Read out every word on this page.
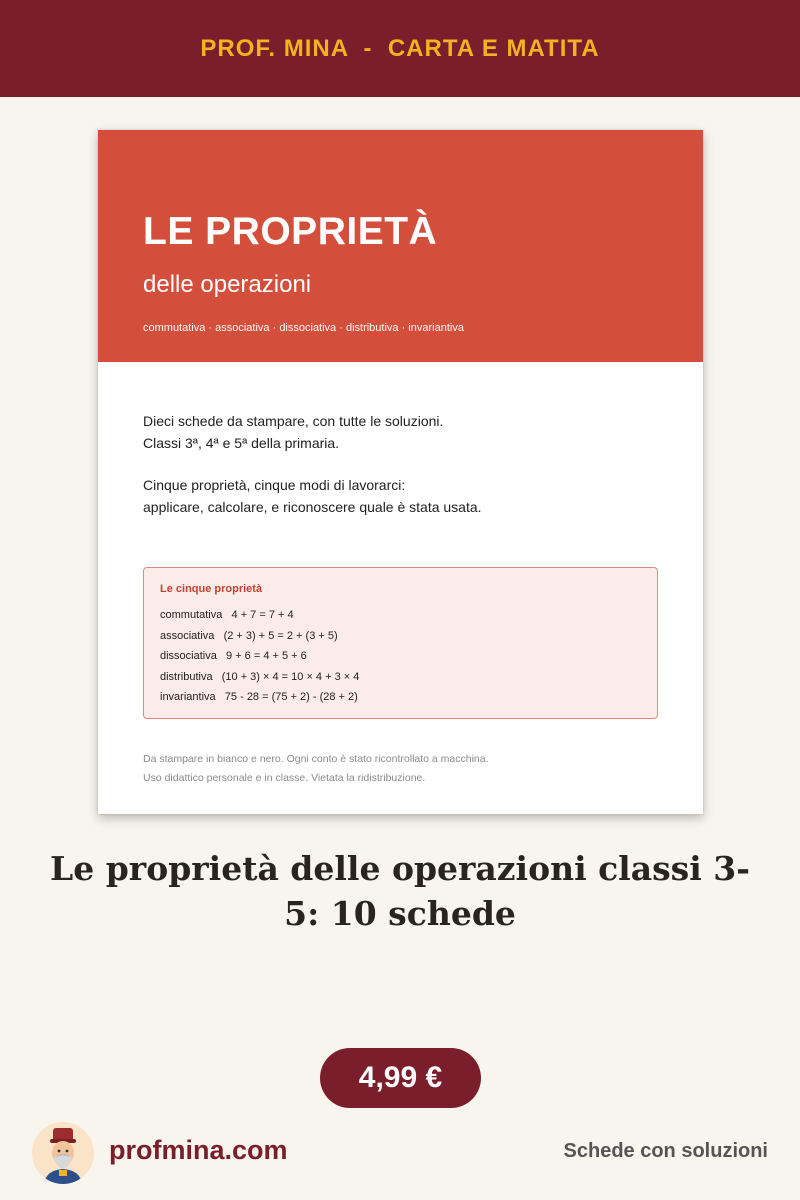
PROF. MINA  -  CARTA E MATITA
LE PROPRIETÀ
delle operazioni
commutativa · associativa · dissociativa · distributiva · invariantiva

Dieci schede da stampare, con tutte le soluzioni.

Classi 3ª, 4ª e 5ª della primaria.

Cinque proprietà, cinque modi di lavorarci:

applicare, calcolare, e riconoscere quale è stata usata.

Le cinque proprietà
commutativa   4 + 7 = 7 + 4
associativa   (2 + 3) + 5 = 2 + (3 + 5)
dissociativa   9 + 6 = 4 + 5 + 6
distributiva   (10 + 3) × 4 = 10 × 4 + 3 × 4
invariantiva   75 - 28 = (75 + 2) - (28 + 2)
Da stampare in bianco e nero. Ogni conto è stato ricontrollato a macchina.
Uso didattico personale e in classe. Vietata la ridistribuzione.
Le proprietà delle operazioni classi 3-5: 10 schede
4,99 €
profmina.com	Schede con soluzioni
